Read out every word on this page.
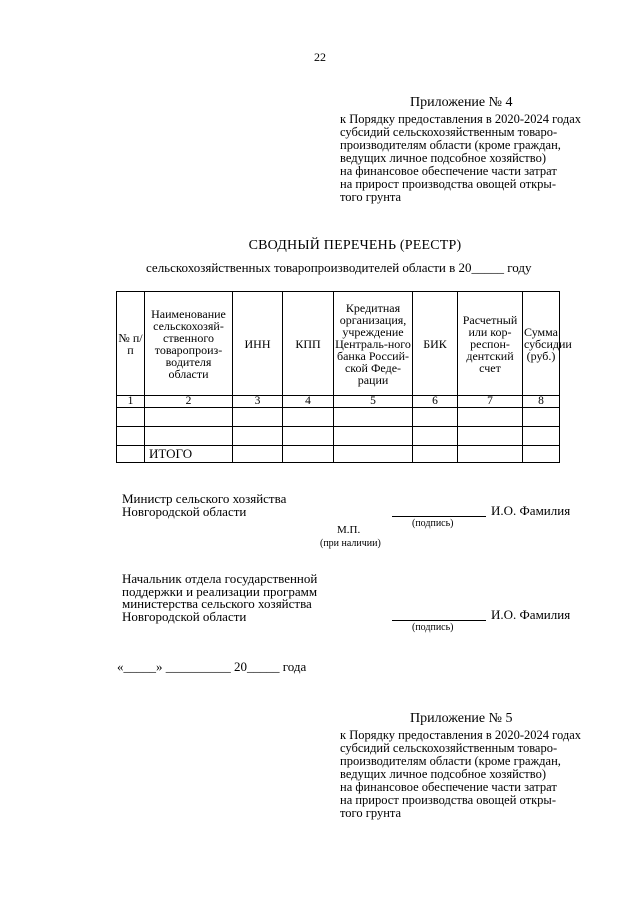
22
Приложение № 4
к Порядку предоставления в 2020-2024 годах
субсидий сельскохозяйственным товаро-
производителям области (кроме граждан,
ведущих личное подсобное хозяйство)
на финансовое обеспечение части затрат
на прирост производства овощей откры-
того грунта
СВОДНЫЙ ПЕРЕЧЕНЬ (РЕЕСТР)
сельскохозяйственных товаропроизводителей области в 20_____ году
№ п/п	Наименование сельскохозяй-ственного товаропроиз-водителя области	ИНН	КПП	Кредитная организация, учреждение Централь-ного банка Россий-ской Феде-рации	БИК	Расчетный или кор-респон-дентский счет	Сумма субсидии (руб.)
1	2	3	4	5	6	7	8

	ИТОГО						
Министр сельского хозяйства
Новгородской области	И.О. Фамилия
(подпись)
М.П.
(при наличии)
Начальник отдела государственной
поддержки и реализации программ
министерства сельского хозяйства
Новгородской области	И.О. Фамилия
(подпись)
«_____» __________ 20_____ года
Приложение № 5
к Порядку предоставления в 2020-2024 годах
субсидий сельскохозяйственным товаро-
производителям области (кроме граждан,
ведущих личное подсобное хозяйство)
на финансовое обеспечение части затрат
на прирост производства овощей откры-
того грунта
